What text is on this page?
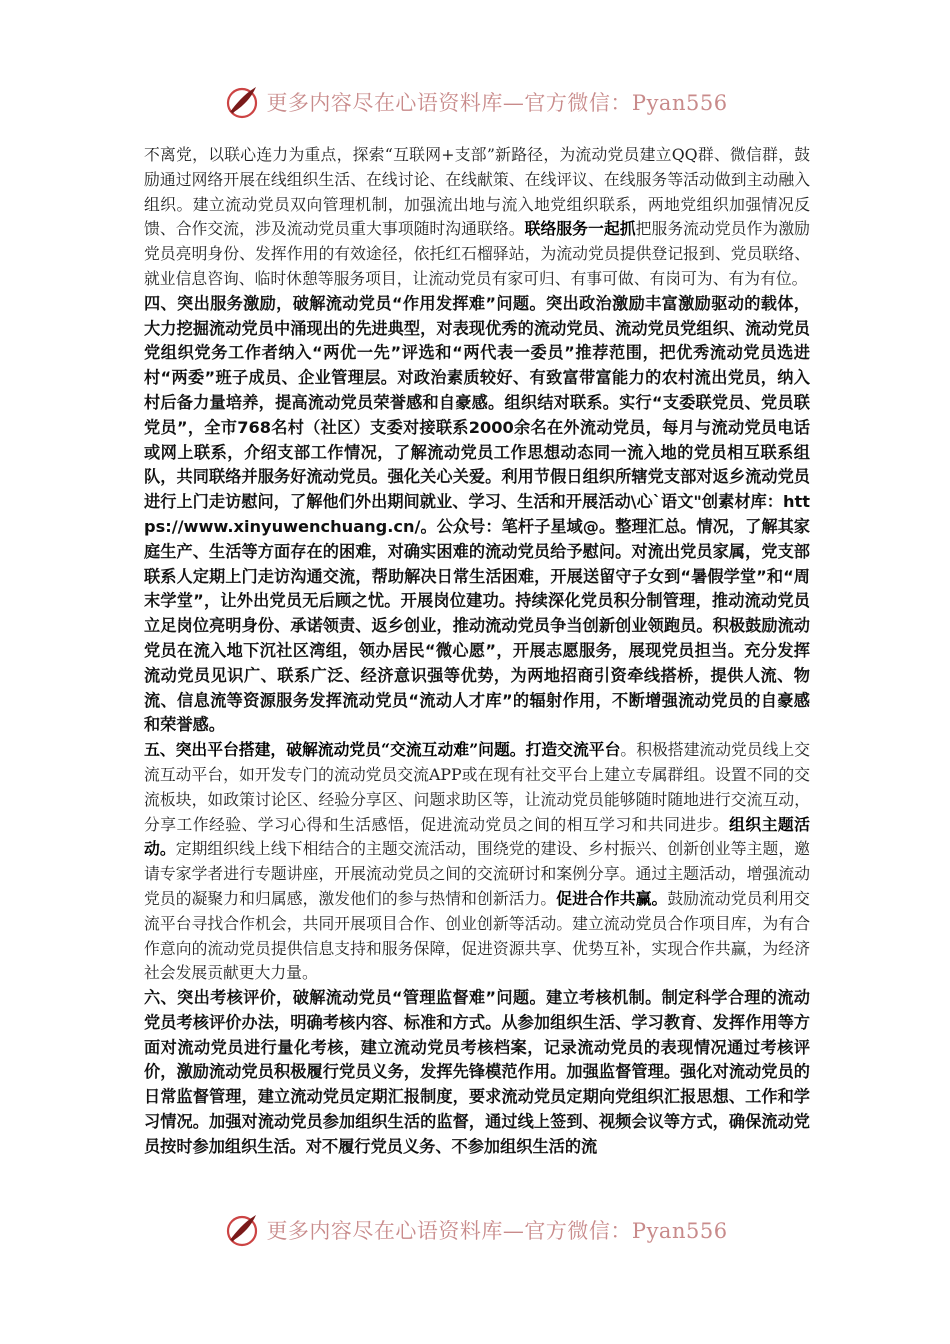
更多内容尽在心语资料库—官方微信：Pyan556

不离党，以联心连力为重点，探索“互联网+支部”新路径，为流动党员建立QQ群、微信群，鼓励通过网络开展在线组织生活、在线讨论、在线献策、在线评议、在线服务等活动做到主动融入组织。建立流动党员双向管理机制，加强流出地与流入地党组织联系，两地党组织加强情况反馈、合作交流，涉及流动党员重大事项随时沟通联络。联络服务一起抓把服务流动党员作为激励党员亮明身份、发挥作用的有效途径，依托红石榴驿站，为流动党员提供登记报到、党员联络、就业信息咨询、临时休憩等服务项目，让流动党员有家可归、有事可做、有岗可为、有为有位。

四、突出服务激励，破解流动党员“作用发挥难”问题。突出政治激励丰富激励驱动的载体，大力挖掘流动党员中涌现出的先进典型，对表现优秀的流动党员、流动党员党组织、流动党员党组织党务工作者纳入“两优一先”评选和“两代表一委员”推荐范围，把优秀流动党员选进村“两委”班子成员、企业管理层。对政治素质较好、有致富带富能力的农村流出党员，纳入村后备力量培养，提高流动党员荣誉感和自豪感。组织结对联系。实行“支委联党员、党员联党员”，全市768名村（社区）支委对接联系2000余名在外流动党员，每月与流动党员电话或网上联系，介绍支部工作情况，了解流动党员工作思想动态同一流入地的党员相互联系组队，共同联络并服务好流动党员。强化关心关爱。利用节假日组织所辖党支部对返乡流动党员进行上门走访慰问，了解他们外出期间就业、学习、生活和开展活动\心`语文"创素材库：https://www.xinyuwenchuang.cn/。公众号：笔杆子星域@。整理汇总。情况，了解其家庭生产、生活等方面存在的困难，对确实困难的流动党员给予慰问。对流出党员家属，党支部联系人定期上门走访沟通交流，帮助解决日常生活困难，开展送留守子女到“暑假学堂”和“周末学堂”，让外出党员无后顾之忧。开展岗位建功。持续深化党员积分制管理，推动流动党员立足岗位亮明身份、承诺领责、返乡创业，推动流动党员争当创新创业领跑员。积极鼓励流动党员在流入地下沉社区湾组，领办居民“微心愿”，开展志愿服务，展现党员担当。充分发挥流动党员见识广、联系广泛、经济意识强等优势，为两地招商引资牵线搭桥，提供人流、物流、信息流等资源服务发挥流动党员“流动人才库”的辐射作用，不断增强流动党员的自豪感和荣誉感。

五、突出平台搭建，破解流动党员“交流互动难”问题。打造交流平台。积极搭建流动党员线上交流互动平台，如开发专门的流动党员交流APP或在现有社交平台上建立专属群组。设置不同的交流板块，如政策讨论区、经验分享区、问题求助区等，让流动党员能够随时随地进行交流互动，分享工作经验、学习心得和生活感悟，促进流动党员之间的相互学习和共同进步。组织主题活动。定期组织线上线下相结合的主题交流活动，围绕党的建设、乡村振兴、创新创业等主题，邀请专家学者进行专题讲座，开展流动党员之间的交流研讨和案例分享。通过主题活动，增强流动党员的凝聚力和归属感，激发他们的参与热情和创新活力。促进合作共赢。鼓励流动党员利用交流平台寻找合作机会，共同开展项目合作、创业创新等活动。建立流动党员合作项目库，为有合作意向的流动党员提供信息支持和服务保障，促进资源共享、优势互补，实现合作共赢，为经济社会发展贡献更大力量。

六、突出考核评价，破解流动党员“管理监督难”问题。建立考核机制。制定科学合理的流动党员考核评价办法，明确考核内容、标准和方式。从参加组织生活、学习教育、发挥作用等方面对流动党员进行量化考核，建立流动党员考核档案，记录流动党员的表现情况通过考核评价，激励流动党员积极履行党员义务，发挥先锋模范作用。加强监督管理。强化对流动党员的日常监督管理，建立流动党员定期汇报制度，要求流动党员定期向党组织汇报思想、工作和学习情况。加强对流动党员参加组织生活的监督，通过线上签到、视频会议等方式，确保流动党员按时参加组织生活。对不履行党员义务、不参加组织生活的流

更多内容尽在心语资料库—官方微信：Pyan556
